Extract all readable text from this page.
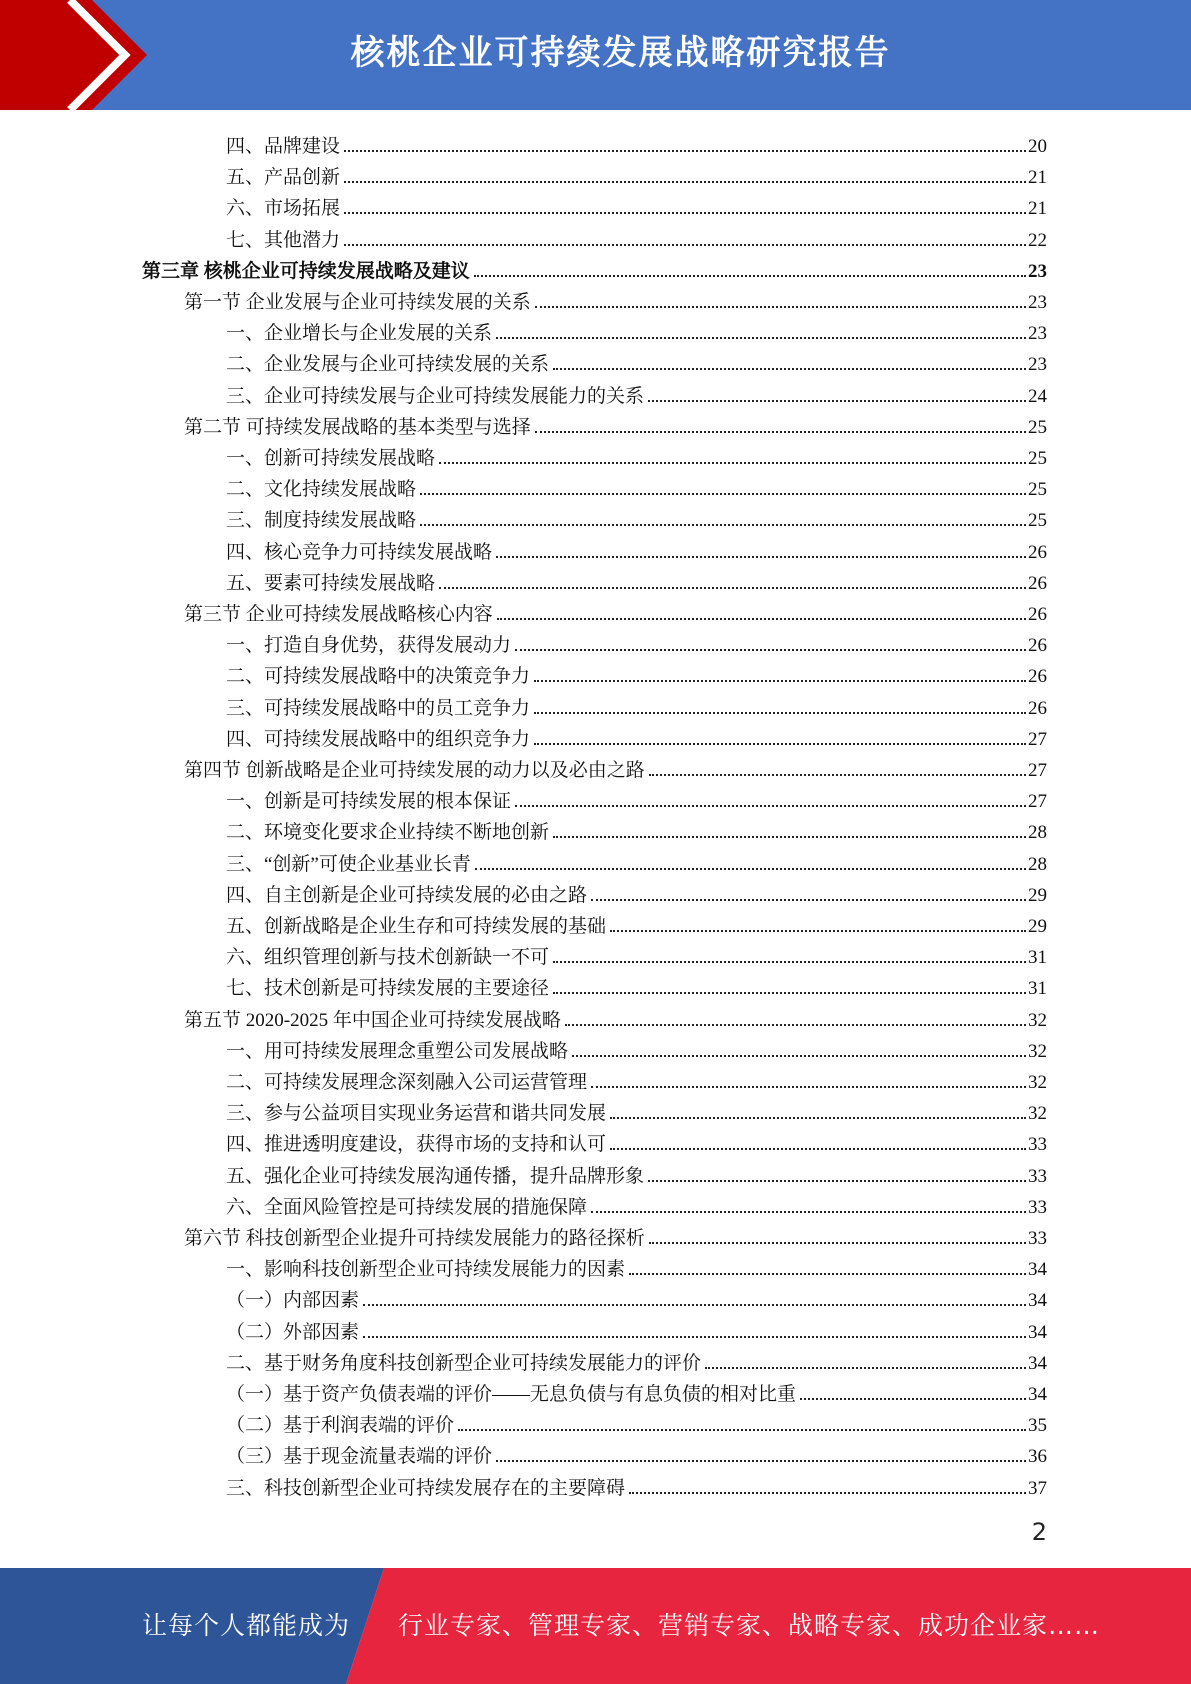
核桃企业可持续发展战略研究报告
四、品牌建设	20
五、产品创新	21
六、市场拓展	21
七、其他潜力	22
第三章 核桃企业可持续发展战略及建议	23
第一节 企业发展与企业可持续发展的关系	23
一、企业增长与企业发展的关系	23
二、企业发展与企业可持续发展的关系	23
三、企业可持续发展与企业可持续发展能力的关系	24
第二节 可持续发展战略的基本类型与选择	25
一、创新可持续发展战略	25
二、文化持续发展战略	25
三、制度持续发展战略	25
四、核心竞争力可持续发展战略	26
五、要素可持续发展战略	26
第三节 企业可持续发展战略核心内容	26
一、打造自身优势，获得发展动力	26
二、可持续发展战略中的决策竞争力	26
三、可持续发展战略中的员工竞争力	26
四、可持续发展战略中的组织竞争力	27
第四节 创新战略是企业可持续发展的动力以及必由之路	27
一、创新是可持续发展的根本保证	27
二、环境变化要求企业持续不断地创新	28
三、“创新”可使企业基业长青	28
四、自主创新是企业可持续发展的必由之路	29
五、创新战略是企业生存和可持续发展的基础	29
六、组织管理创新与技术创新缺一不可	31
七、技术创新是可持续发展的主要途径	31
第五节 2020-2025 年中国企业可持续发展战略	32
一、用可持续发展理念重塑公司发展战略	32
二、可持续发展理念深刻融入公司运营管理	32
三、参与公益项目实现业务运营和谐共同发展	32
四、推进透明度建设，获得市场的支持和认可	33
五、强化企业可持续发展沟通传播，提升品牌形象	33
六、全面风险管控是可持续发展的措施保障	33
第六节 科技创新型企业提升可持续发展能力的路径探析	33
一、影响科技创新型企业可持续发展能力的因素	34
（一）内部因素	34
（二）外部因素	34
二、基于财务角度科技创新型企业可持续发展能力的评价	34
（一）基于资产负债表端的评价——无息负债与有息负债的相对比重	34
（二）基于利润表端的评价	35
（三）基于现金流量表端的评价	36
三、科技创新型企业可持续发展存在的主要障碍	37
2
让每个人都能成为 行业专家、管理专家、营销专家、战略专家、成功企业家……
